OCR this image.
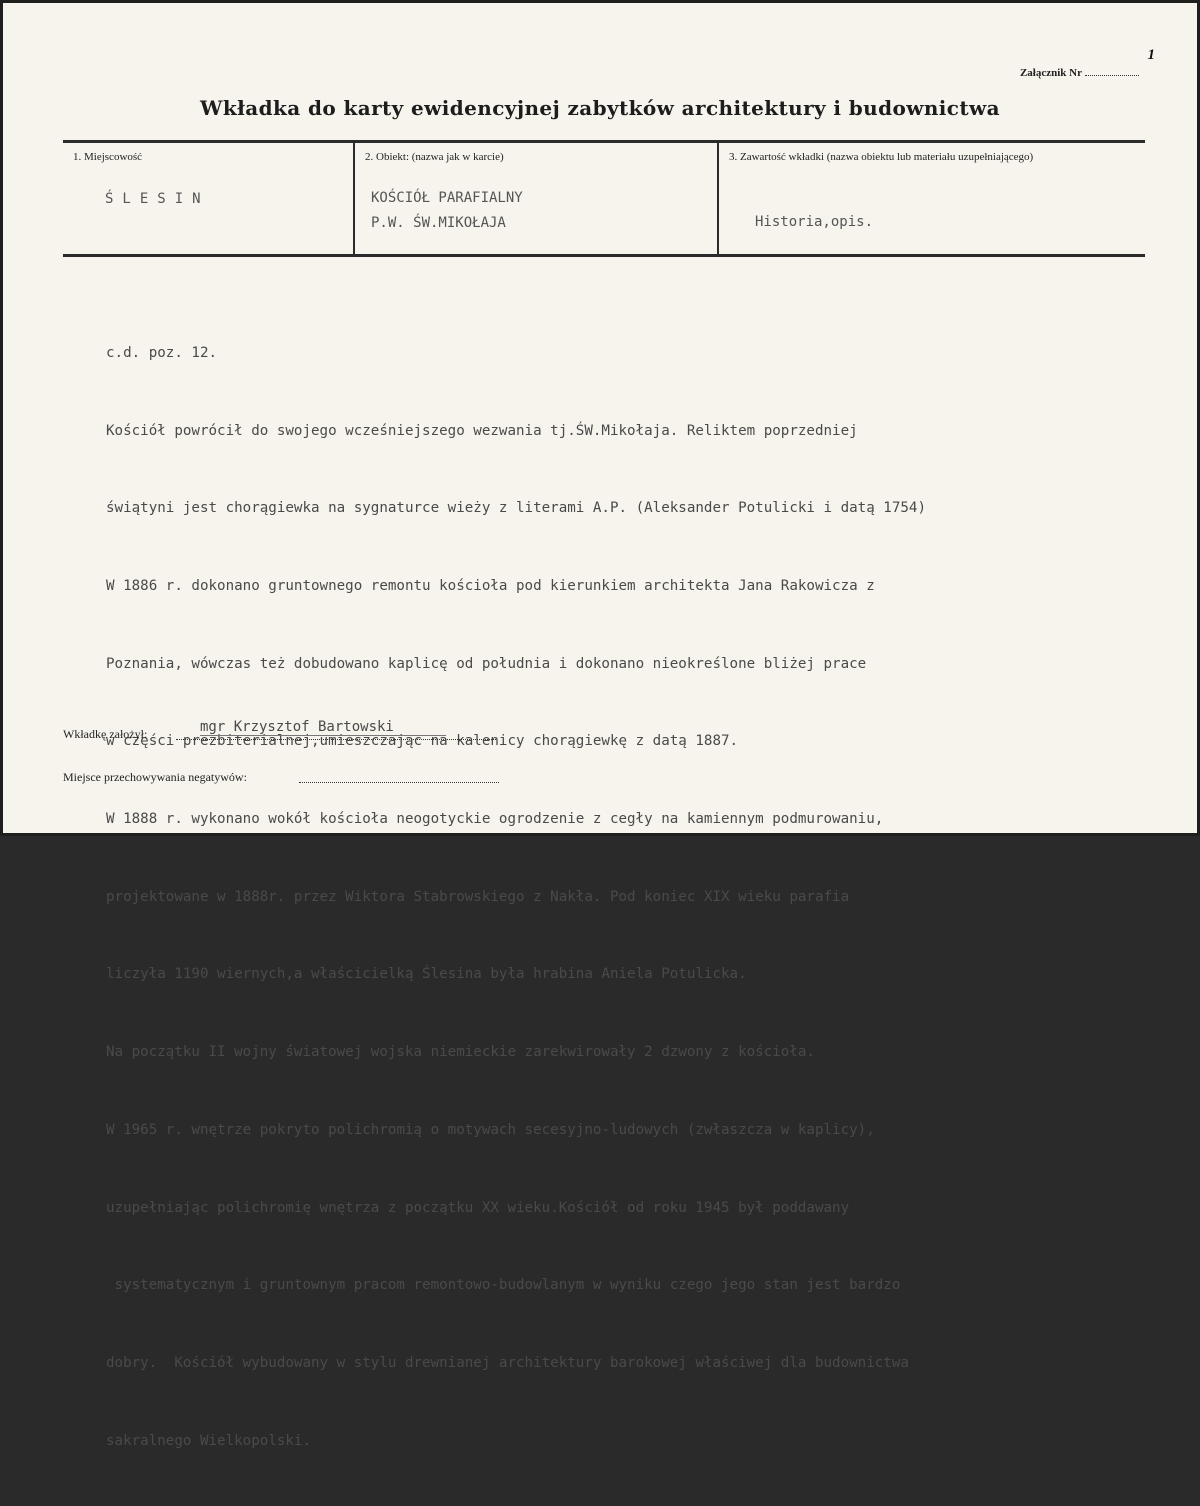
1
Załącznik Nr
Wkładka do karty ewidencyjnej zabytków architektury i budownictwa
1. Miejscowość
ŚLESIN
2. Obiekt: (nazwa jak w karcie)
KOŚCIÓŁ PARAFIALNY
P.W. ŚW.MIKOŁAJA
3. Zawartość wkładki (nazwa obiektu lub materiału uzupełniającego)
Historia,opis.

c.d. poz. 12.

Kościół powrócił do swojego wcześniejszego wezwania tj.ŚW.Mikołaja. Reliktem poprzedniej

świątyni jest chorągiewka na sygnaturce wieży z literami A.P. (Aleksander Potulicki i datą 1754)

W 1886 r. dokonano gruntownego remontu kościoła pod kierunkiem architekta Jana Rakowicza z

Poznania, wówczas też dobudowano kaplicę od południa i dokonano nieokreślone bliżej prace

w części prezbiterialnej,umieszczając na kalenicy chorągiewkę z datą 1887.

W 1888 r. wykonano wokół kościoła neogotyckie ogrodzenie z cegły na kamiennym podmurowaniu,

projektowane w 1888r. przez Wiktora Stabrowskiego z Nakła. Pod koniec XIX wieku parafia

liczyła 1190 wiernych,a właścicielką Ślesina była hrabina Aniela Potulicka.

Na początku II wojny światowej wojska niemieckie zarekwirowały 2 dzwony z kościoła.

W 1965 r. wnętrze pokryto polichromią o motywach secesyjno-ludowych (zwłaszcza w kaplicy),

uzupełniając polichromię wnętrza z początku XX wieku.Kościół od roku 1945 był poddawany

systematycznym i gruntownym pracom remontowo-budowlanym w wyniku czego jego stan jest bardzo

dobry.  Kościół wybudowany w stylu drewnianej architektury barokowej właściwej dla budownictwa

sakralnego Wielkopolski.

mgr Krzysztof Bartowski
Wkładkę założył:
Miejsce przechowywania negatywów:
